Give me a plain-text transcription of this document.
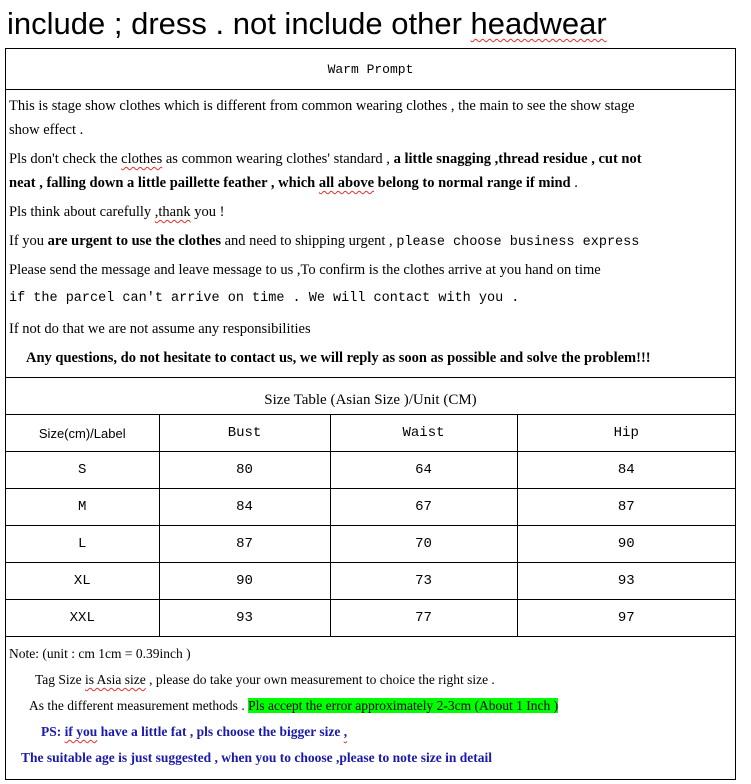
include ; dress . not include other headwear
Warm Prompt
This is stage show clothes which is different from common wearing clothes , the main to see the show stage
show effect .
Pls don't check the clothes as common wearing clothes' standard , a little snagging ,thread residue , cut not
neat , falling down a little paillette feather , which all above belong to normal range if mind .
Pls think about carefully ,thank you !
If you are urgent to use the clothes and need to shipping urgent , please choose business express
Please send the message and leave message to us ,To confirm is the clothes arrive at you hand on time
if the parcel can't arrive on time . We will contact with you .
If not do that we are not assume any responsibilities
Any questions, do not hesitate to contact us, we will reply as soon as possible and solve the problem!!!
Size Table (Asian Size )/Unit (CM)
Size(cm)/Label	Bust	Waist	Hip
S	80	64	84
M	84	67	87
L	87	70	90
XL	90	73	93
XXL	93	77	97
Note: (unit : cm 1cm = 0.39inch )
Tag Size is Asia size , please do take your own measurement to choice the right size .
As the different measurement methods . Pls accept the error approximately 2-3cm (About 1 Inch )
PS: if you have a little fat , pls choose the bigger size ,
The suitable age is just suggested , when you to choose ,please to note size in detail
